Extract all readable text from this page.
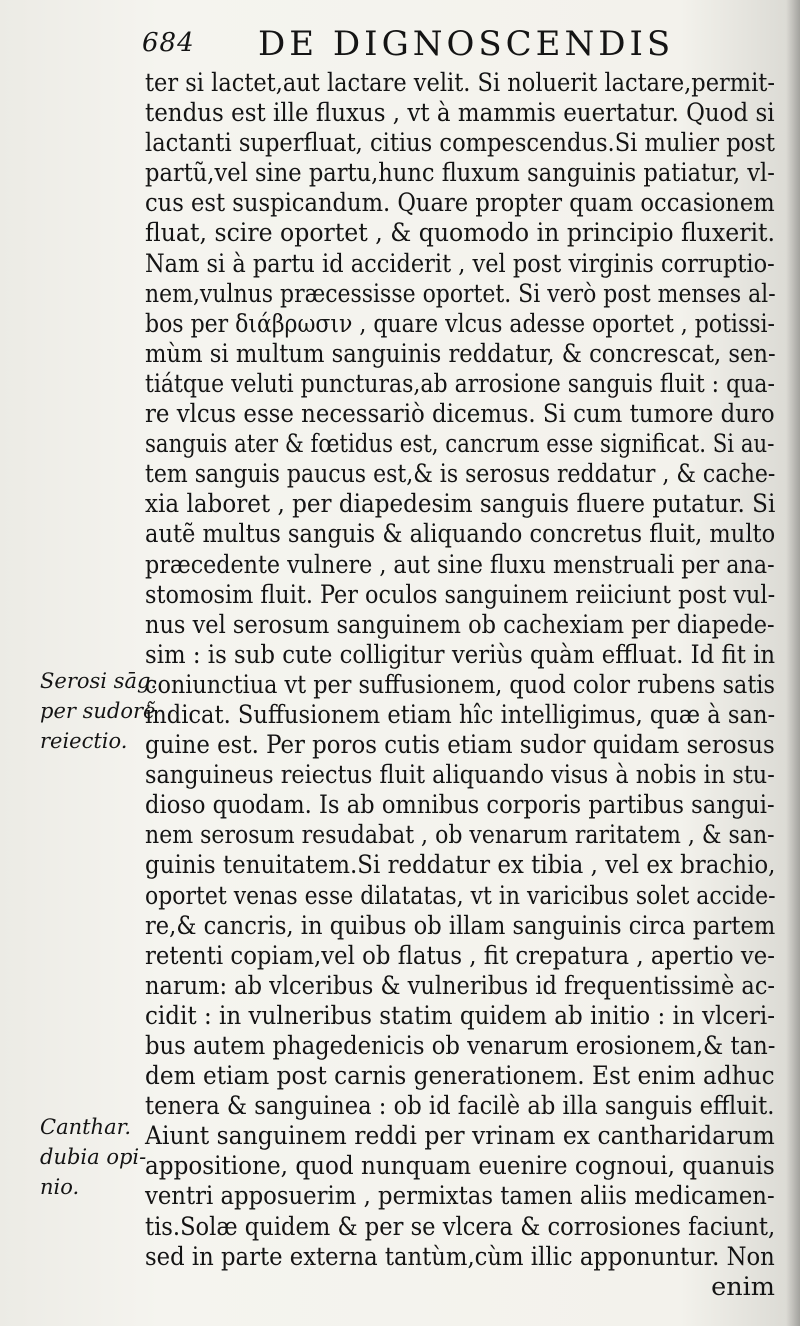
684 DE DIGNOSCENDIS
ter si lactet,aut lactare velit. Si noluerit lactare,permit-
tendus est ille fluxus , vt à mammis euertatur. Quod si
lactanti superfluat, citius compescendus.Si mulier post
partũ,vel sine partu,hunc fluxum sanguinis patiatur, vl-
cus est suspicandum. Quare propter quam occasionem
fluat, scire oportet , & quomodo in principio fluxerit.
Nam si à partu id acciderit , vel post virginis corruptio-
nem,vulnus præcessisse oportet. Si verò post menses al-
bos per διάβρωσιν , quare vlcus adesse oportet , potissi-
mùm si multum sanguinis reddatur, & concrescat, sen-
tiátque veluti puncturas,ab arrosione sanguis fluit : qua-
re vlcus esse necessariò dicemus. Si cum tumore duro
sanguis ater & fœtidus est, cancrum esse significat. Si au-
tem sanguis paucus est,& is serosus reddatur , & cache-
xia laboret , per diapedesim sanguis fluere putatur. Si
autẽ multus sanguis & aliquando concretus fluit, multo
præcedente vulnere , aut sine fluxu menstruali per ana-
stomosim fluit. Per oculos sanguinem reiiciunt post vul-
nus vel serosum sanguinem ob cachexiam per diapede-
sim : is sub cute colligitur veriùs quàm effluat. Id fit in
coniunctiua vt per suffusionem, quod color rubens satis
indicat. Suffusionem etiam hîc intelligimus, quæ à san-
guine est. Per poros cutis etiam sudor quidam serosus
sanguineus reiectus fluit aliquando visus à nobis in stu-
dioso quodam. Is ab omnibus corporis partibus sangui-
nem serosum resudabat , ob venarum raritatem , & san-
guinis tenuitatem.Si reddatur ex tibia , vel ex brachio,
oportet venas esse dilatatas, vt in varicibus solet accide-
re,& cancris, in quibus ob illam sanguinis circa partem
retenti copiam,vel ob flatus , fit crepatura , apertio ve-
narum: ab vlceribus & vulneribus id frequentissimè ac-
cidit : in vulneribus statim quidem ab initio : in vlceri-
bus autem phagedenicis ob venarum erosionem,& tan-
dem etiam post carnis generationem. Est enim adhuc
tenera & sanguinea : ob id facilè ab illa sanguis effluit.
Aiunt sanguinem reddi per vrinam ex cantharidarum
appositione, quod nunquam euenire cognoui, quanuis
ventri apposuerim , permixtas tamen aliis medicamen-
tis.Solæ quidem & per se vlcera & corrosiones faciunt,
sed in parte externa tantùm,cùm illic apponuntur. Non
enim
Serosi sāg.
per sudorẽ
reiectio.
Canthar.
dubia opi-
nio.
